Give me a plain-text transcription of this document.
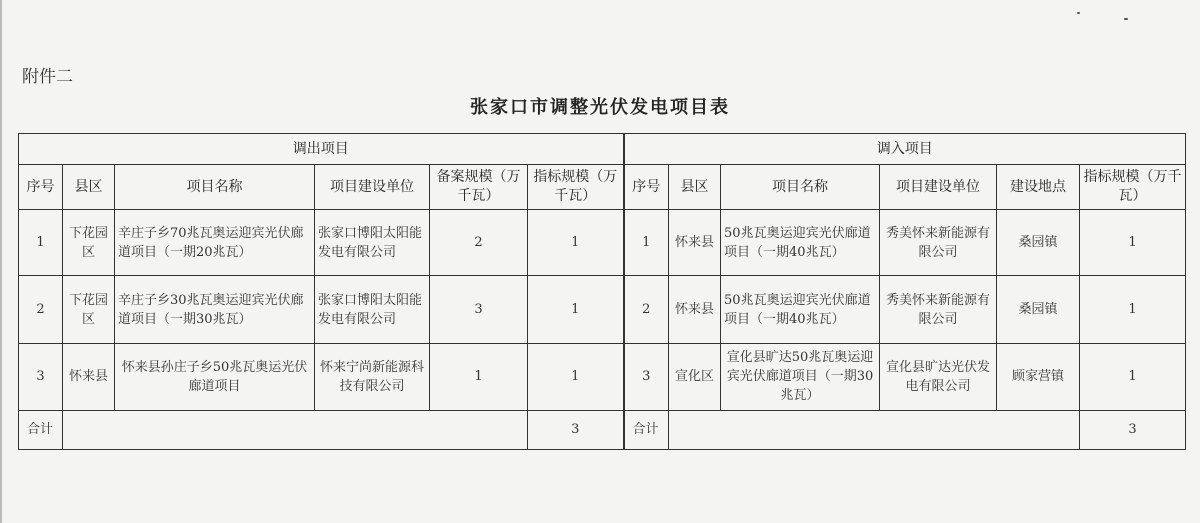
附件二
张家口市调整光伏发电项目表
调出项目						调入项目					
序号	县区	项目名称	项目建设单位	备案规模（万千瓦）	指标规模（万千瓦）	序号	县区	项目名称	项目建设单位	建设地点	指标规模（万千瓦）
1	下花园区	辛庄子乡70兆瓦奥运迎宾光伏廊道项目（一期20兆瓦）	张家口博阳太阳能发电有限公司	2	1	1	怀来县	50兆瓦奥运迎宾光伏廊道项目（一期40兆瓦）	秀美怀来新能源有限公司	桑园镇	1
2	下花园区	辛庄子乡30兆瓦奥运迎宾光伏廊道项目（一期30兆瓦）	张家口博阳太阳能发电有限公司	3	1	2	怀来县	50兆瓦奥运迎宾光伏廊道项目（一期40兆瓦）	秀美怀来新能源有限公司	桑园镇	1
3	怀来县	怀来县孙庄子乡50兆瓦奥运光伏廊道项目	怀来宁尚新能源科技有限公司	1	1	3	宣化区	宣化县旷达50兆瓦奥运迎宾光伏廊道项目（一期30兆瓦）	宣化县旷达光伏发电有限公司	顾家营镇	1
合计					3	合计					3
